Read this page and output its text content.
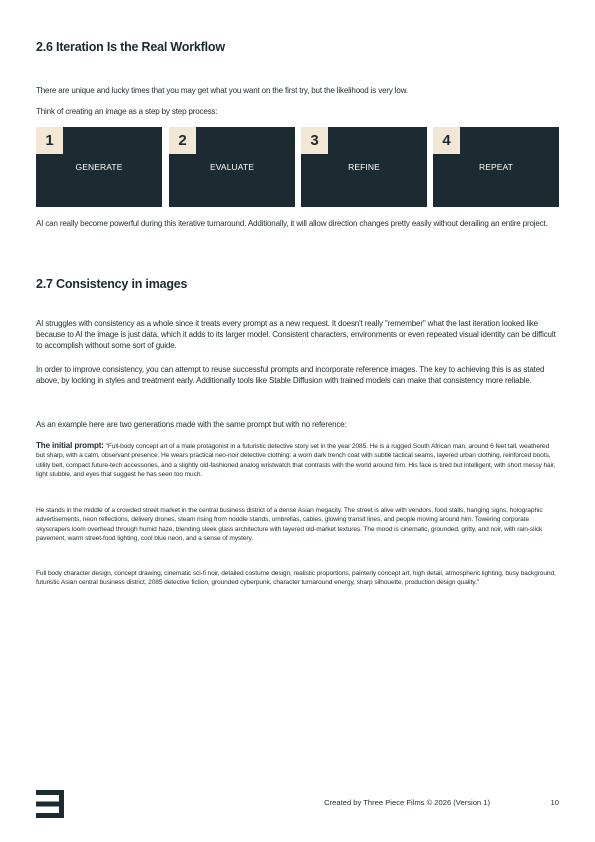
2.6 Iteration Is the Real Workflow

There are unique and lucky times that you may get what you want on the first try, but the likelihood is very low.

Think of creating an image as a step by step process:

1
GENERATE
2
EVALUATE
3
REFINE
4
REPEAT

AI can really become powerful during this iterative turnaround. Additionally, it will allow direction changes pretty easily without derailing an entire project.

2.7 Consistency in images

AI struggles with consistency as a whole since it treats every prompt as a new request. It doesn't really "remember" what the last iteration looked like because to AI the image is just data, which it adds to its larger model. Consistent characters, environments or even repeated visual identity can be difficult to accomplish without some sort of guide.

In order to improve consistency, you can attempt to reuse successful prompts and incorporate reference images. The key to achieving this is as stated above, by locking in styles and treatment early. Additionally tools like Stable Diffusion with trained models can make that consistency more reliable.

As an example here are two generations made with the same prompt but with no reference:

The initial prompt: "Full-body concept art of a male protagonist in a futuristic detective story set in the year 2085. He is a rugged South African man, around 6 feet tall, weathered but sharp, with a calm, observant presence. He wears practical neo-noir detective clothing: a worn dark trench coat with subtle tactical seams, layered urban clothing, reinforced boots, utility belt, compact future-tech accessories, and a slightly old-fashioned analog wristwatch that contrasts with the world around him. His face is tired but intelligent, with short messy hair, light stubble, and eyes that suggest he has seen too much.

He stands in the middle of a crowded street market in the central business district of a dense Asian megacity. The street is alive with vendors, food stalls, hanging signs, holographic advertisements, neon reflections, delivery drones, steam rising from noodle stands, umbrellas, cables, glowing transit lines, and people moving around him. Towering corporate skyscrapers loom overhead through humid haze, blending sleek glass architecture with layered old-market textures. The mood is cinematic, grounded, gritty, and noir, with rain-slick pavement, warm street-food lighting, cool blue neon, and a sense of mystery.

Full body character design, concept drawing, cinematic sci-fi noir, detailed costume design, realistic proportions, painterly concept art, high detail, atmospheric lighting, busy background, futuristic Asian central business district, 2085 detective fiction, grounded cyberpunk, character turnaround energy, sharp silhouette, production design quality."

Created by Three Piece Films © 2026 (Version 1)	10
